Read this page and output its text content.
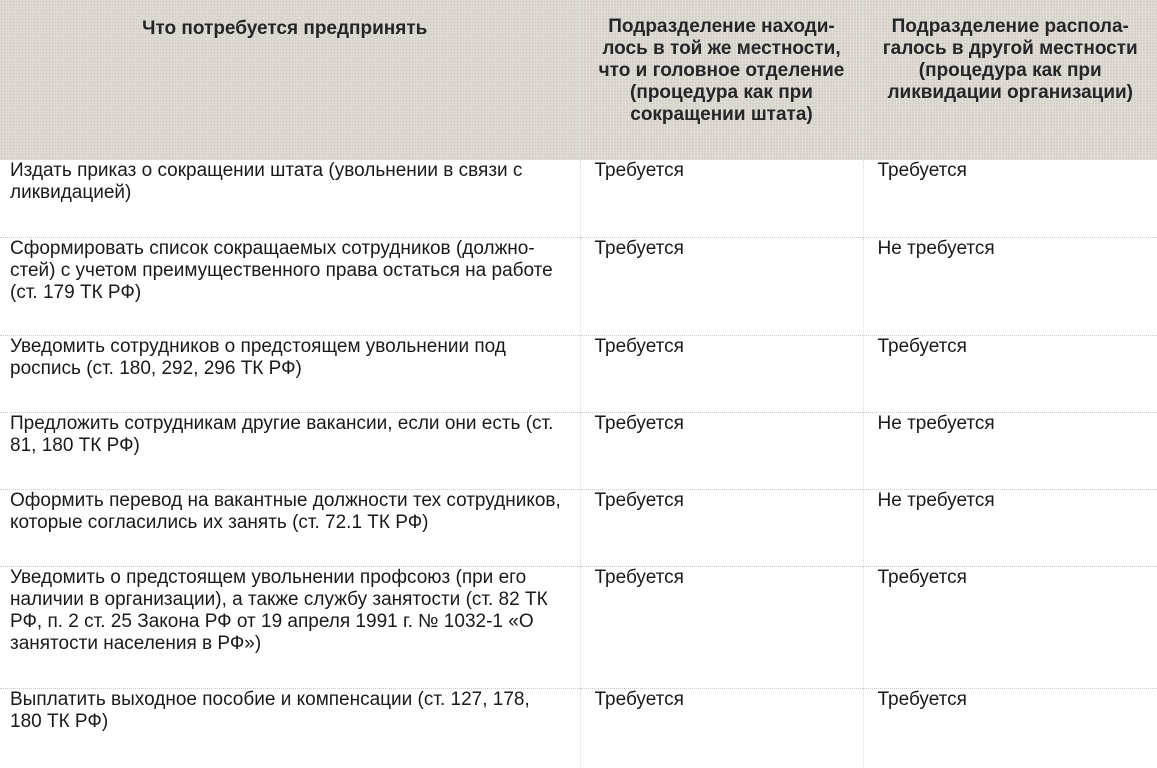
Что потребуется предпринять	Подразделение находи-
лось в той же местности,
что и головное отделение
(процедура как при
сокращении штата)	Подразделение распола-
галось в другой местности
(процедура как при
ликвидации организации)

Издать приказ о сокращении штата (увольнении в связи с ликвидацией)	Требуется	Требуется

Сформировать список сокращаемых сотрудников (должно-стей) с учетом преимущественного права остаться на работе (ст. 179 ТК РФ)	Требуется	Не требуется

Уведомить сотрудников о предстоящем увольнении под роспись (ст. 180, 292, 296 ТК РФ)	Требуется	Требуется

Предложить сотрудникам другие вакансии, если они есть (ст. 81, 180 ТК РФ)	Требуется	Не требуется

Оформить перевод на вакантные должности тех сотрудников, которые согласились их занять (ст. 72.1 ТК РФ)	Требуется	Не требуется

Уведомить о предстоящем увольнении профсоюз (при его наличии в организации), а также службу занятости (ст. 82 ТК РФ, п. 2 ст. 25 Закона РФ от 19 апреля 1991 г. № 1032-1 «О занятости населения в РФ»)	Требуется	Требуется

Выплатить выходное пособие и компенсации (ст. 127, 178, 180 ТК РФ)	Требуется	Требуется
